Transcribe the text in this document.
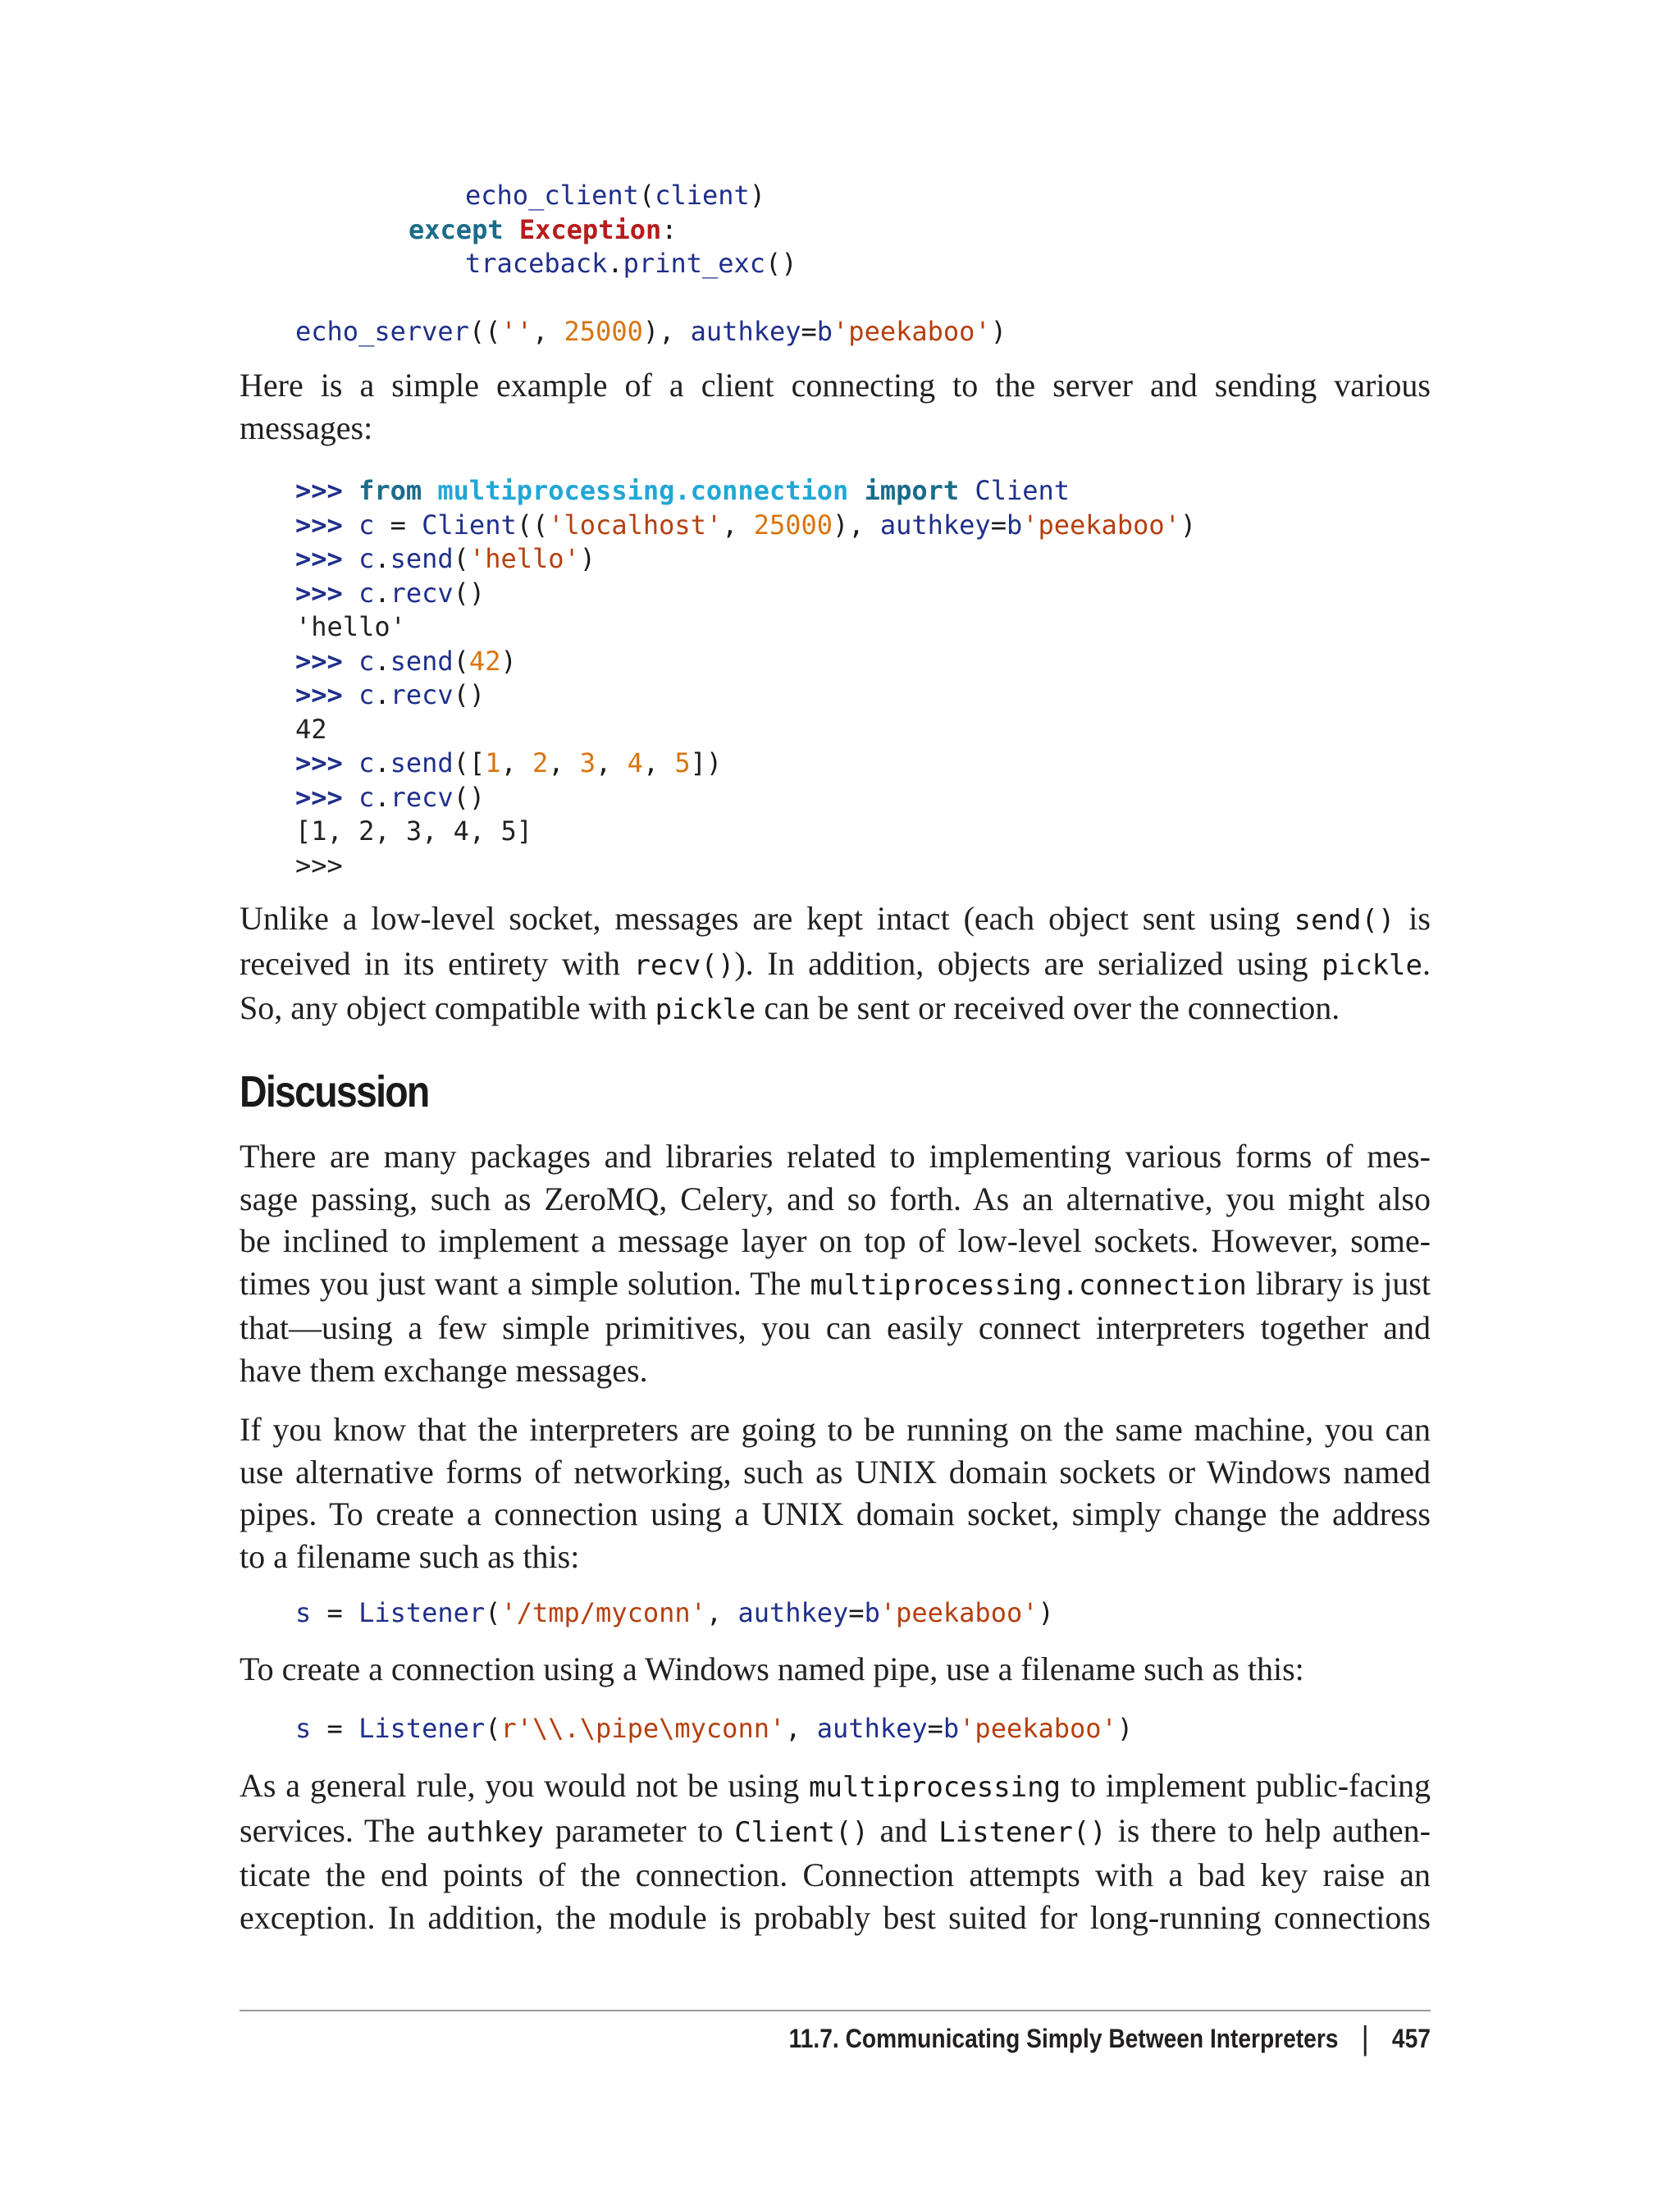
echo_client(client)
except Exception:
traceback.print_exc()

echo_server(('', 25000), authkey=b'peekaboo')

Here is a simple example of a client connecting to the server and sending various
messages:

>>> from multiprocessing.connection import Client
>>> c = Client(('localhost', 25000), authkey=b'peekaboo')
>>> c.send('hello')
>>> c.recv()
'hello'
>>> c.send(42)
>>> c.recv()
42
>>> c.send([1, 2, 3, 4, 5])
>>> c.recv()
[1, 2, 3, 4, 5]
>>>

Unlike a low-level socket, messages are kept intact (each object sent using send() is
received in its entirety with recv()). In addition, objects are serialized using pickle.
So, any object compatible with pickle can be sent or received over the connection.

Discussion

There are many packages and libraries related to implementing various forms of mes-
sage passing, such as ZeroMQ, Celery, and so forth. As an alternative, you might also
be inclined to implement a message layer on top of low-level sockets. However, some-
times you just want a simple solution. The multiprocessing.connection library is just
that—using a few simple primitives, you can easily connect interpreters together and
have them exchange messages.

If you know that the interpreters are going to be running on the same machine, you can
use alternative forms of networking, such as UNIX domain sockets or Windows named
pipes. To create a connection using a UNIX domain socket, simply change the address
to a filename such as this:

s = Listener('/tmp/myconn', authkey=b'peekaboo')

To create a connection using a Windows named pipe, use a filename such as this:

s = Listener(r'\\.\pipe\myconn', authkey=b'peekaboo')

As a general rule, you would not be using multiprocessing to implement public-facing
services. The authkey parameter to Client() and Listener() is there to help authen-
ticate the end points of the connection. Connection attempts with a bad key raise an
exception. In addition, the module is probably best suited for long-running connections

11.7. Communicating Simply Between Interpreters | 457
